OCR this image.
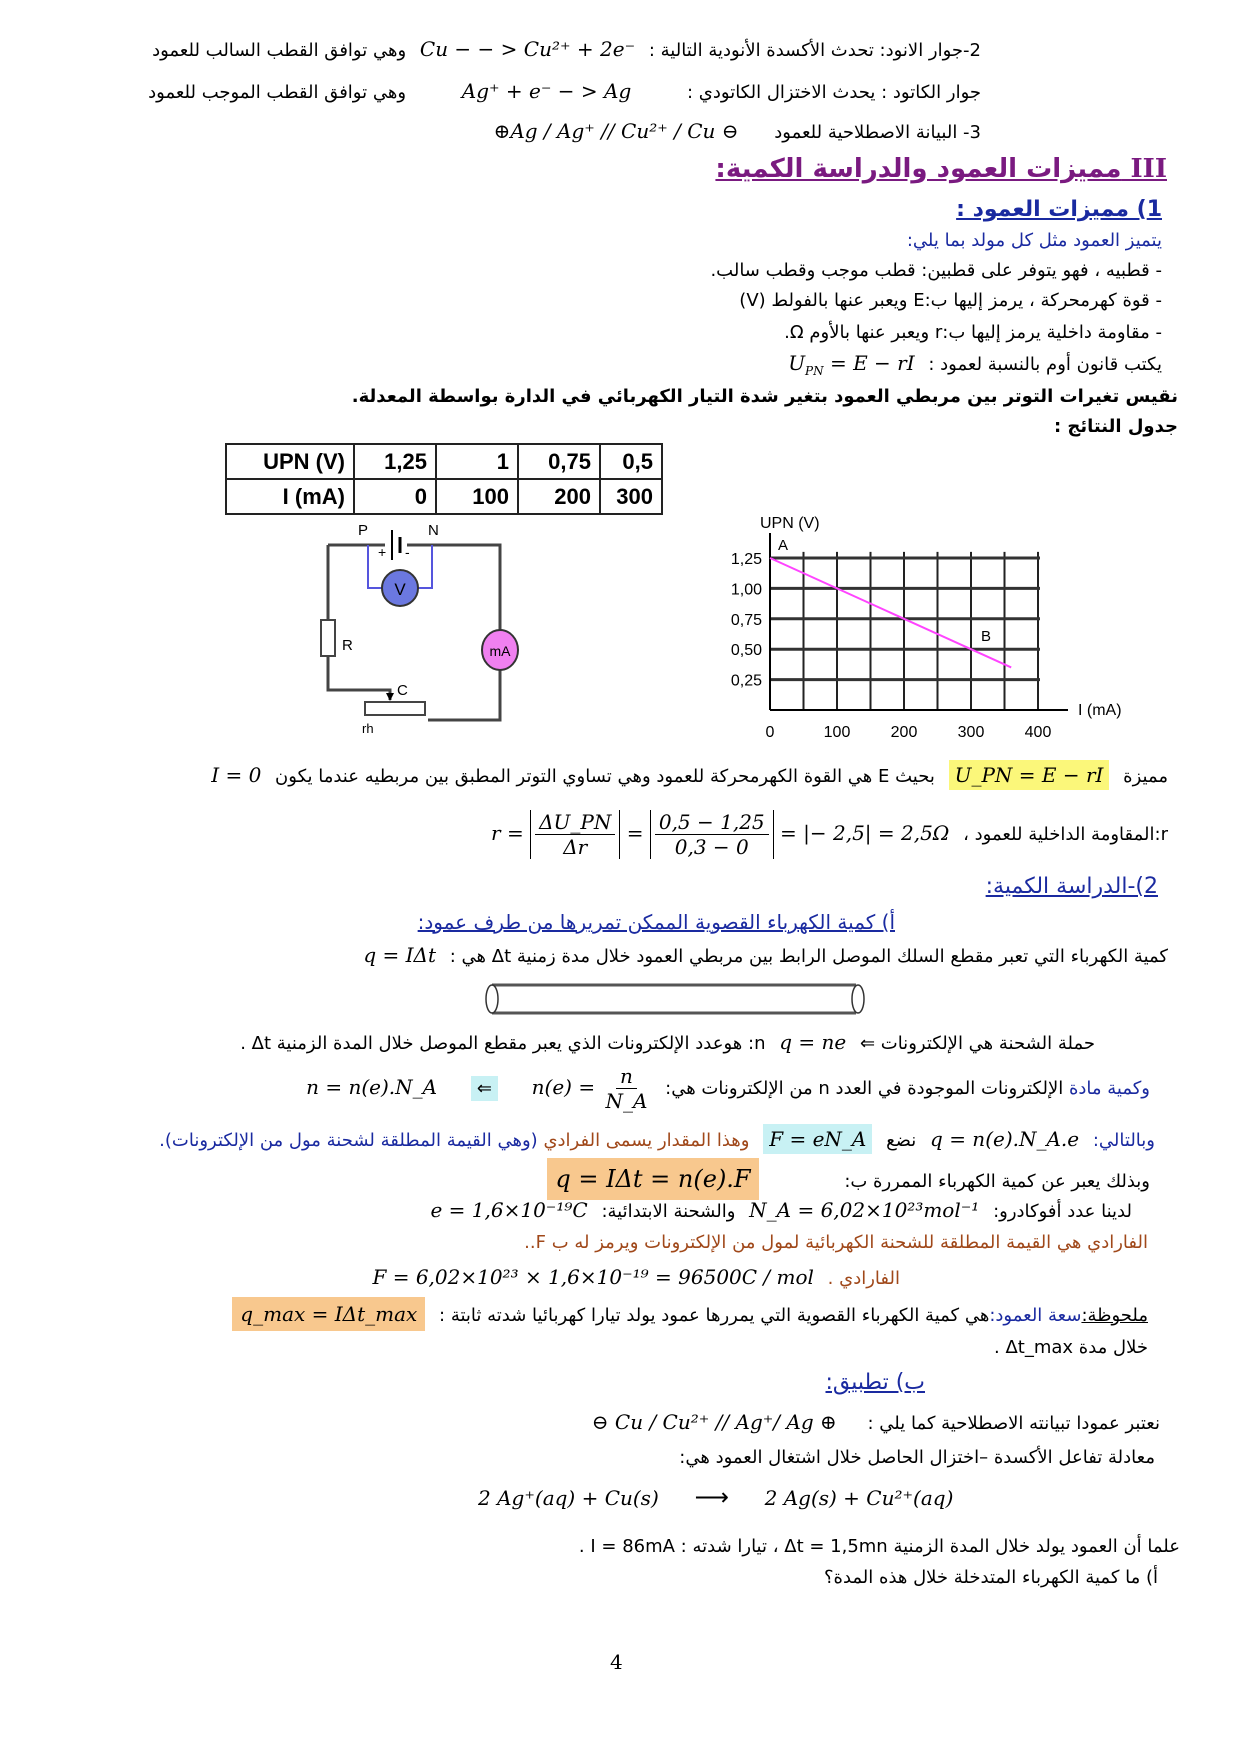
2-جوار الانود: تحدث الأكسدة الأنودية التالية : Cu − − > Cu²⁺ + 2e⁻ وهي توافق القطب السالب للعمود
جوار الكاتود : يحدث الاختزال الكاتودي : Ag⁺ + e⁻ − > Ag وهي توافق القطب الموجب للعمود
3- البيانة الاصطلاحية للعمود ⊕Ag / Ag⁺ // Cu²⁺ / Cu ⊖
III مميزات العمود والدراسة الكمية:
1) مميزات العمود :
يتميز العمود مثل كل مولد بما يلي:
- قطبيه ، فهو يتوفر على قطبين: قطب موجب وقطب سالب.
- قوة كهرمحركة ، يرمز إليها ب:E ويعبر عنها بالفولط (V)
- مقاومة داخلية يرمز إليها ب:r ويعبر عنها بالأوم Ω.
يكتب قانون أوم بالنسبة لعمود : $U_{PN} = E$ − rI
نقيس تغيرات التوتر بين مربطي العمود بتغير شدة التيار الكهربائي في الدارة بواسطة المعدلة.
جدول النتائج :
UPN (V)	1,25	1	0,75	0,5
I (mA)	0	100	200	300
V
mA
R
C
rh
P	N
+ -
0,25
0,50
0,75
1,00
1,25
0	100	200	300	400
UPN (V)
I (mA)
A
B
مميزة U_PN = E − rI بحيث E هي القوة الكهرمحركة للعمود وهي تساوي التوتر المطبق بين مربطيه عندما يكون I = 0
r:المقاومة الداخلية للعمود ، $r = \frac{\Delta U\_PN}{\Delta r} = \frac{0,5 - 1,25}{0,3 - 0}$ = |− 2,5| = 2,5Ω
2)-الدراسة الكمية:
أ) كمية الكهرباء القصوية الممكن تمريرها من طرف عمود:
كمية الكهرباء التي تعبر مقطع السلك الموصل الرابط بين مربطي العمود خلال مدة زمنية Δt هي : q = IΔt
حملة الشحنة هي الإلكترونات ⇐ q = ne n: هوعدد الإلكترونات الذي يعبر مقطع الموصل خلال المدة الزمنية Δt .
وكمية مادة الإلكترونات الموجودة في العدد n من الإلكترونات هي: $n(e) = \frac{n}{N\_A}$
⇐ n = n(e).N_A
وبالتالي: q = n(e).N_A.e نضع F = eN_A وهذا المقدار يسمى الفرادي (وهي القيمة المطلقة لشحنة مول من الإلكترونات).
وبذلك يعبر عن كمية الكهرباء الممررة ب: q = IΔt = n(e).F
لدينا عدد أفوكادرو: N_A = 6,02×10²³mol⁻¹ والشحنة الابتدائية: e = 1,6×10⁻¹⁹C
الفارادي هي القيمة المطلقة للشحنة الكهربائية لمول من الإلكترونات ويرمز له ب F..
الفارادي . F = 6,02×10²³ × 1,6×10⁻¹⁹ = 96500C / mol
ملحوظة:سعة العمود:هي كمية الكهرباء القصوية التي يمررها عمود يولد تيارا كهربائيا شدته ثابتة : q_max = IΔt_max
خلال مدة Δt_max .
ب) تطبيق:
نعتبر عمودا تبيانته الاصطلاحية كما يلي : ⊖ Cu / Cu²⁺ // Ag⁺/ Ag ⊕
معادلة تفاعل الأكسدة –اختزال الحاصل خلال اشتغال العمود هي:
2 Ag⁺(aq) + Cu(s) ⟶ 2 Ag(s) + Cu²⁺(aq)
علما أن العمود يولد خلال المدة الزمنية Δt = 1,5mn ، تيارا شدته : I = 86mA .
أ) ما كمية الكهرباء المتدخلة خلال هذه المدة؟
4
